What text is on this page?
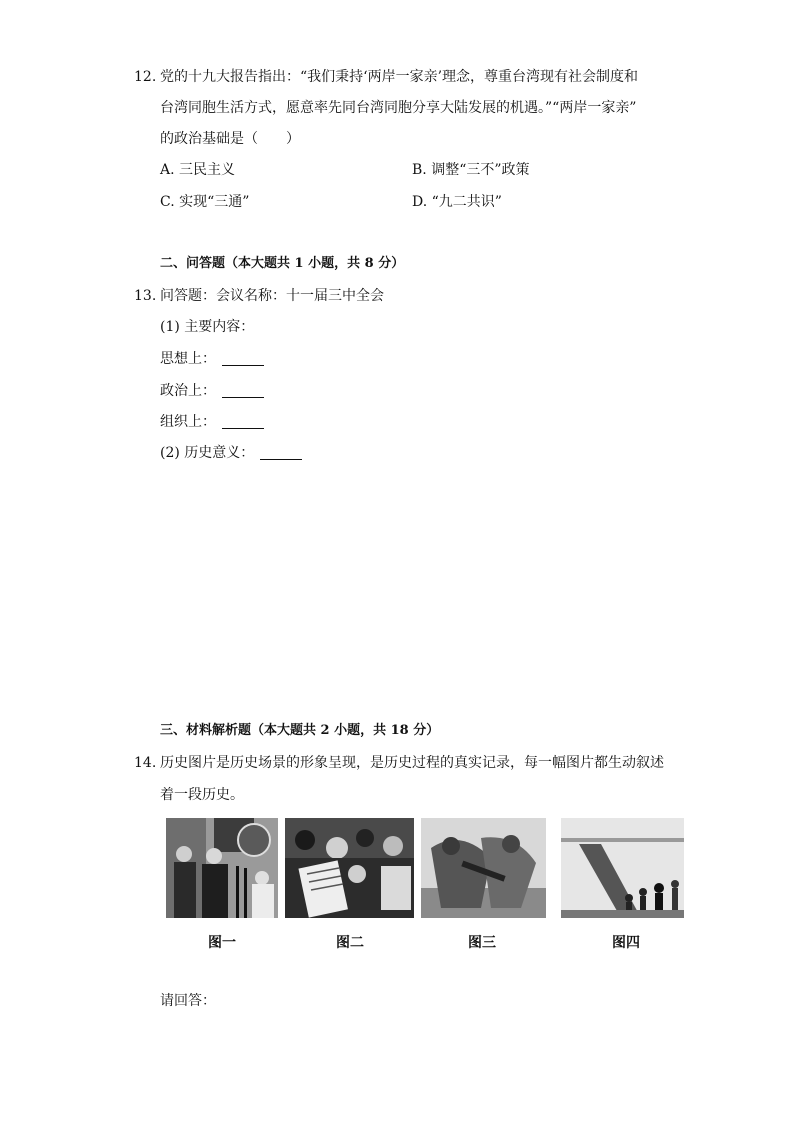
12. 党的十九大报告指出：“我们秉持‘两岸一家亲’理念，尊重台湾现有社会制度和
台湾同胞生活方式，愿意率先同台湾同胞分享大陆发展的机遇。”“两岸一家亲”
的政治基础是（　　）
A. 三民主义	B. 调整“三不”政策
C. 实现“三通”	D. “九二共识”
二、问答题（本大题共 1 小题，共 8 分）
13. 问答题：会议名称：十一届三中全会
(1) 主要内容：
思想上：
政治上：
组织上：
(2) 历史意义：
三、材料解析题（本大题共 2 小题，共 18 分）
14. 历史图片是历史场景的形象呈现，是历史过程的真实记录，每一幅图片都生动叙述
着一段历史。
图一	图二	图三	图四
请回答：
